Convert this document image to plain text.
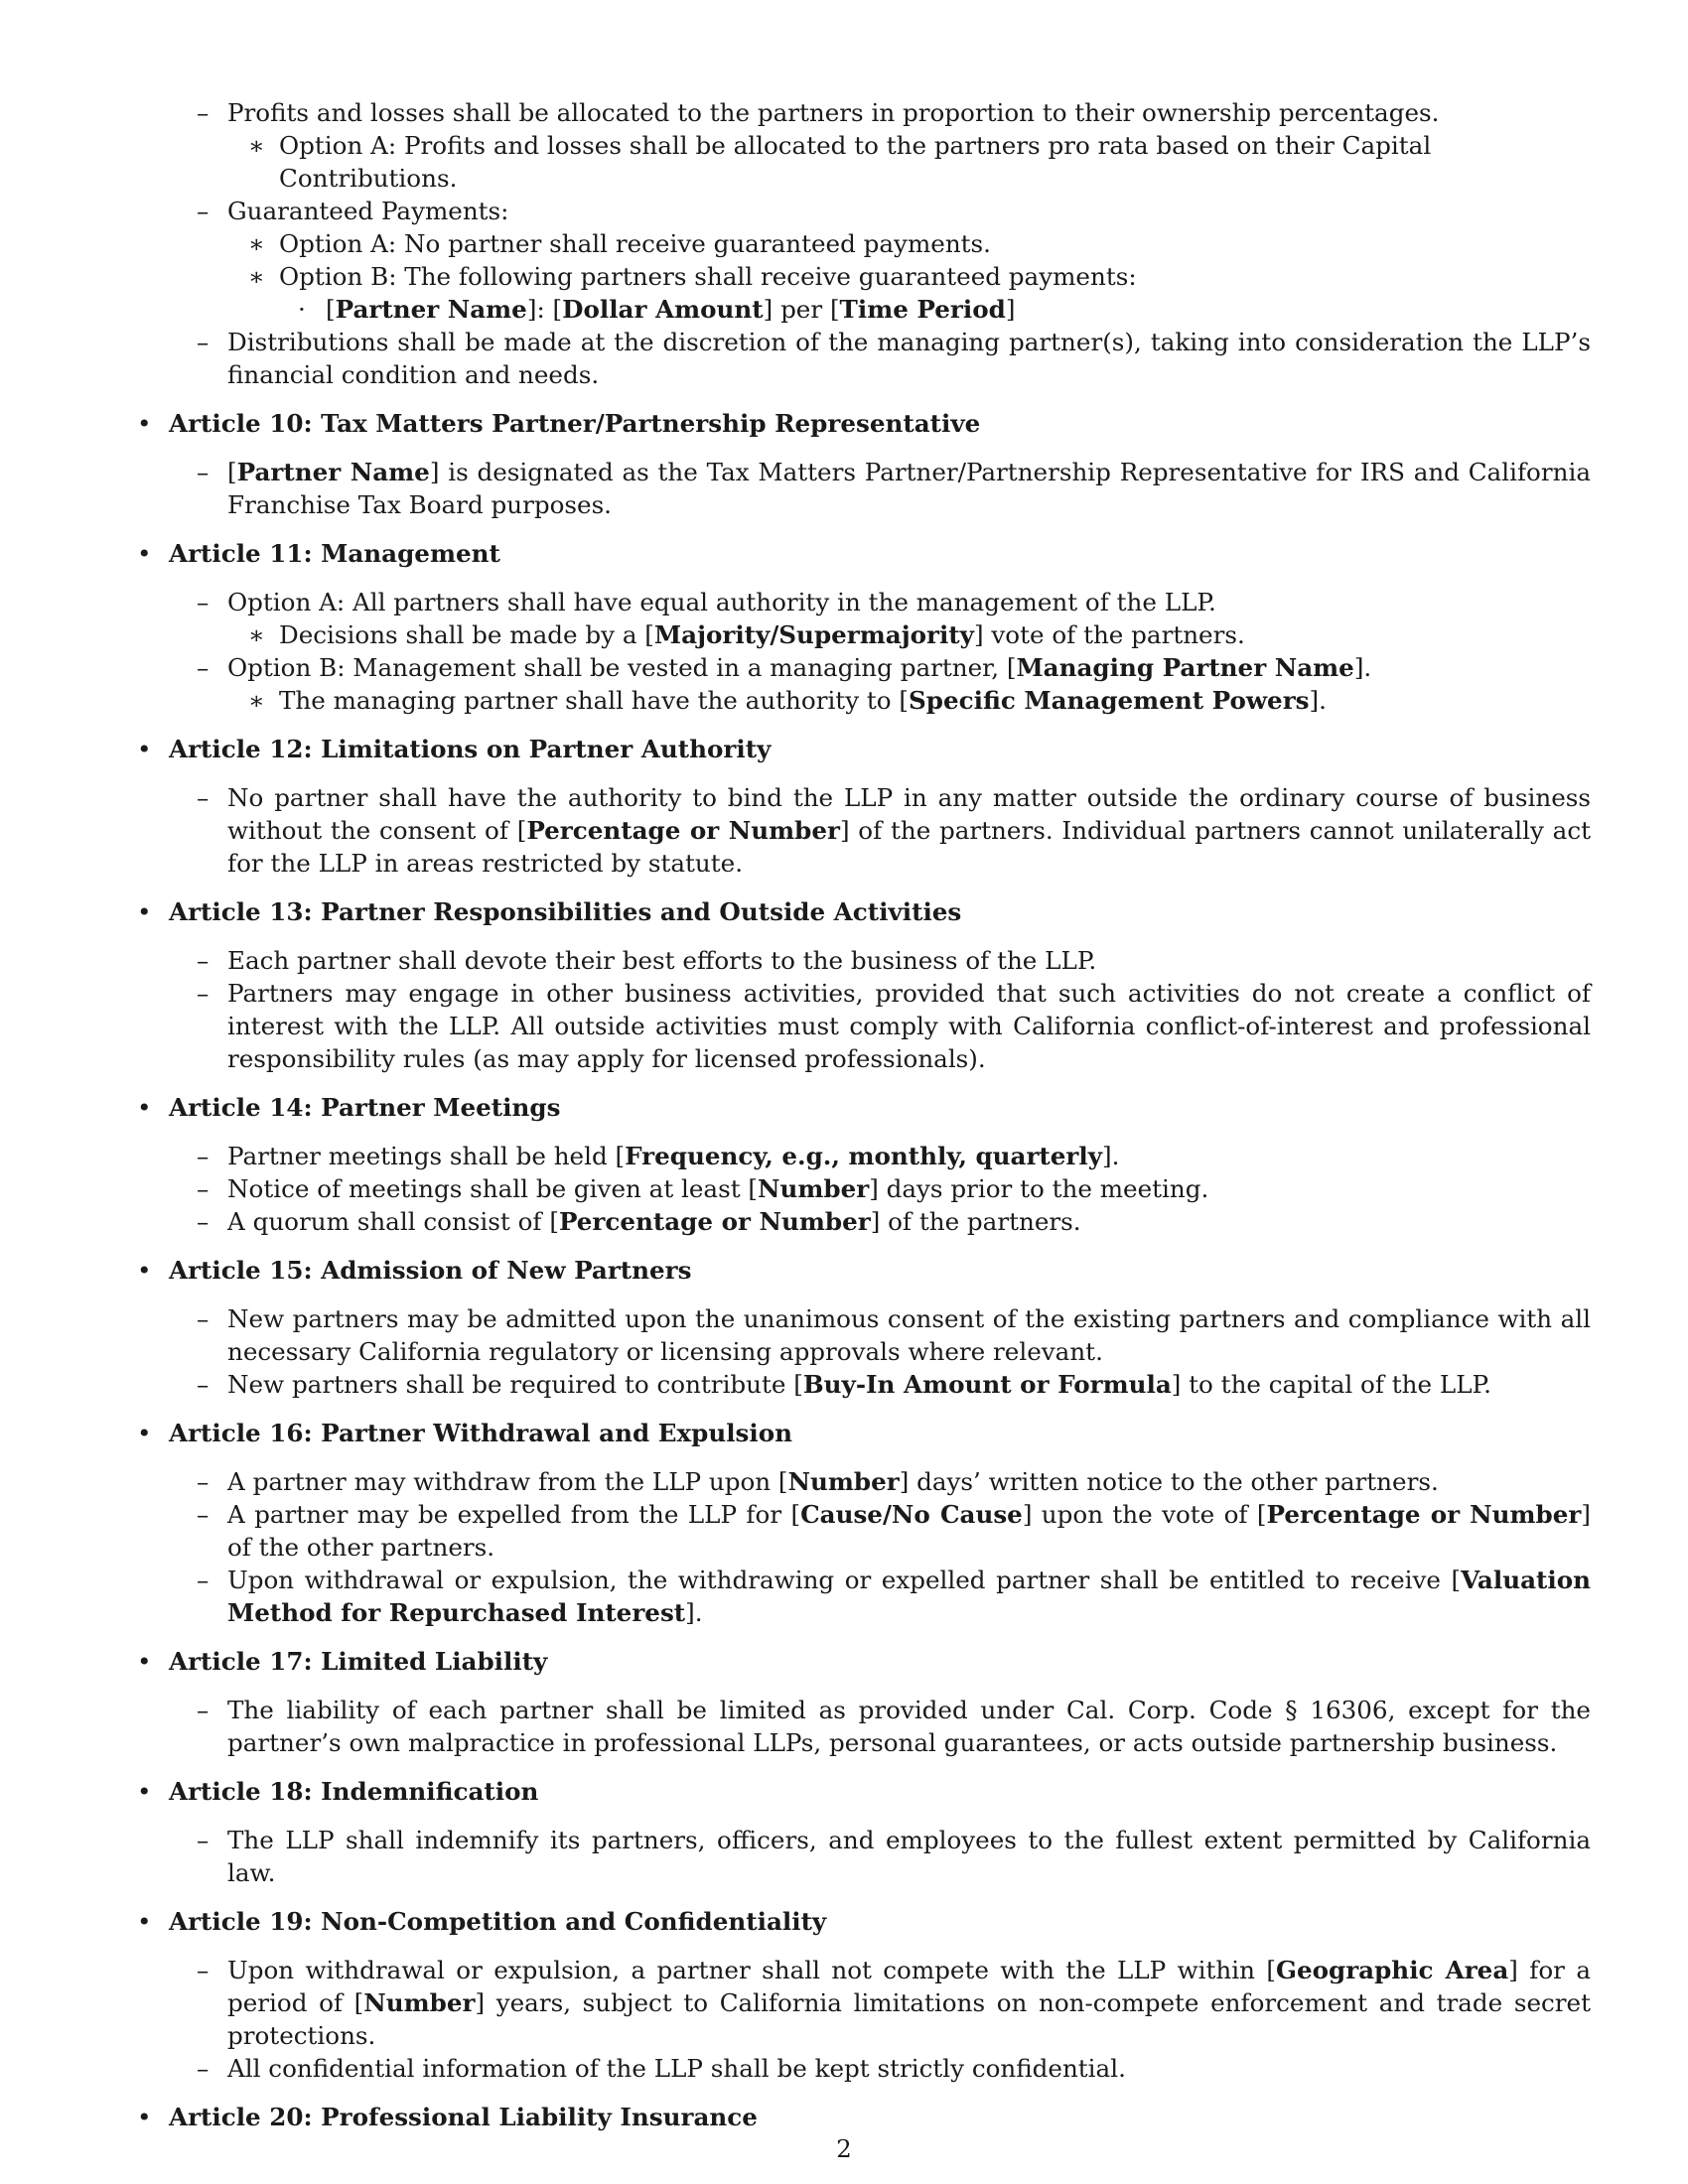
– Profits and losses shall be allocated to the partners in proportion to their ownership percentages.
∗ Option A: Profits and losses shall be allocated to the partners pro rata based on their Capital Contributions.
– Guaranteed Payments:
∗ Option A: No partner shall receive guaranteed payments.
∗ Option B: The following partners shall receive guaranteed payments:
· [Partner Name]: [Dollar Amount] per [Time Period]
– Distributions shall be made at the discretion of the managing partner(s), taking into consideration the LLP’s financial condition and needs.
• Article 10: Tax Matters Partner/Partnership Representative
– [Partner Name] is designated as the Tax Matters Partner/Partnership Representative for IRS and California Franchise Tax Board purposes.
• Article 11: Management
– Option A: All partners shall have equal authority in the management of the LLP.
∗ Decisions shall be made by a [Majority/Supermajority] vote of the partners.
– Option B: Management shall be vested in a managing partner, [Managing Partner Name].
∗ The managing partner shall have the authority to [Specific Management Powers].
• Article 12: Limitations on Partner Authority
– No partner shall have the authority to bind the LLP in any matter outside the ordinary course of business without the consent of [Percentage or Number] of the partners. Individual partners cannot unilaterally act for the LLP in areas restricted by statute.
• Article 13: Partner Responsibilities and Outside Activities
– Each partner shall devote their best efforts to the business of the LLP.
– Partners may engage in other business activities, provided that such activities do not create a conflict of interest with the LLP. All outside activities must comply with California conflict-of-interest and professional responsibility rules (as may apply for licensed professionals).
• Article 14: Partner Meetings
– Partner meetings shall be held [Frequency, e.g., monthly, quarterly].
– Notice of meetings shall be given at least [Number] days prior to the meeting.
– A quorum shall consist of [Percentage or Number] of the partners.
• Article 15: Admission of New Partners
– New partners may be admitted upon the unanimous consent of the existing partners and compliance with all necessary California regulatory or licensing approvals where relevant.
– New partners shall be required to contribute [Buy-In Amount or Formula] to the capital of the LLP.
• Article 16: Partner Withdrawal and Expulsion
– A partner may withdraw from the LLP upon [Number] days’ written notice to the other partners.
– A partner may be expelled from the LLP for [Cause/No Cause] upon the vote of [Percentage or Number] of the other partners.
– Upon withdrawal or expulsion, the withdrawing or expelled partner shall be entitled to receive [Valuation Method for Repurchased Interest].
• Article 17: Limited Liability
– The liability of each partner shall be limited as provided under Cal. Corp. Code § 16306, except for the partner’s own malpractice in professional LLPs, personal guarantees, or acts outside partnership business.
• Article 18: Indemnification
– The LLP shall indemnify its partners, officers, and employees to the fullest extent permitted by California law.
• Article 19: Non-Competition and Confidentiality
– Upon withdrawal or expulsion, a partner shall not compete with the LLP within [Geographic Area] for a period of [Number] years, subject to California limitations on non-compete enforcement and trade secret protections.
– All confidential information of the LLP shall be kept strictly confidential.
• Article 20: Professional Liability Insurance
2
